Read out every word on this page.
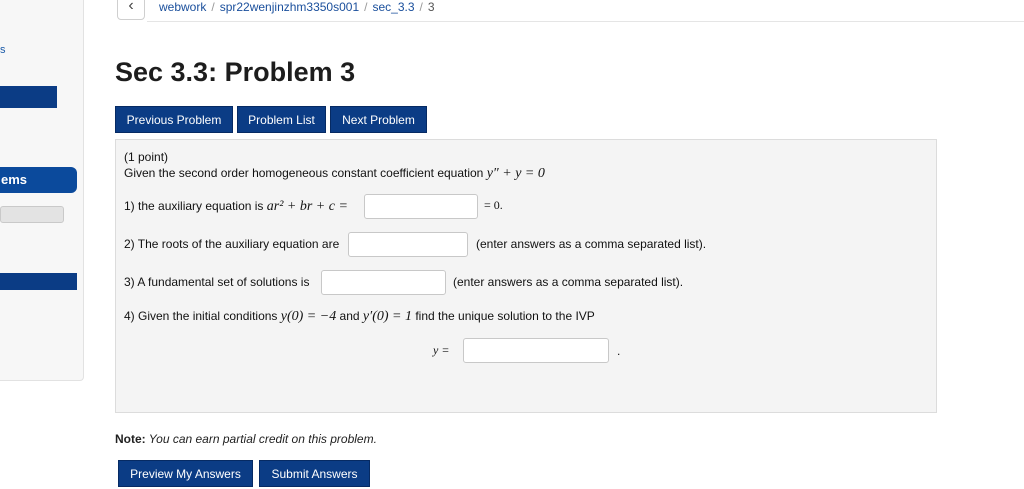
s
ems
‹ webwork / spr22wenjinzhm3350s001 / sec_3.3 / 3
Sec 3.3: Problem 3
Previous Problem	Problem List	Next Problem
(1 point)
Given the second order homogeneous constant coefficient equation y″ + y = 0
1) the auxiliary equation is ar² + br + c =	= 0.
2) The roots of the auxiliary equation are	(enter answers as a comma separated list).
3) A fundamental set of solutions is	(enter answers as a comma separated list).
4) Given the initial conditions y(0) = −4 and y′(0) = 1 find the unique solution to the IVP
y =	.
Note: You can earn partial credit on this problem.
Preview My Answers	Submit Answers
